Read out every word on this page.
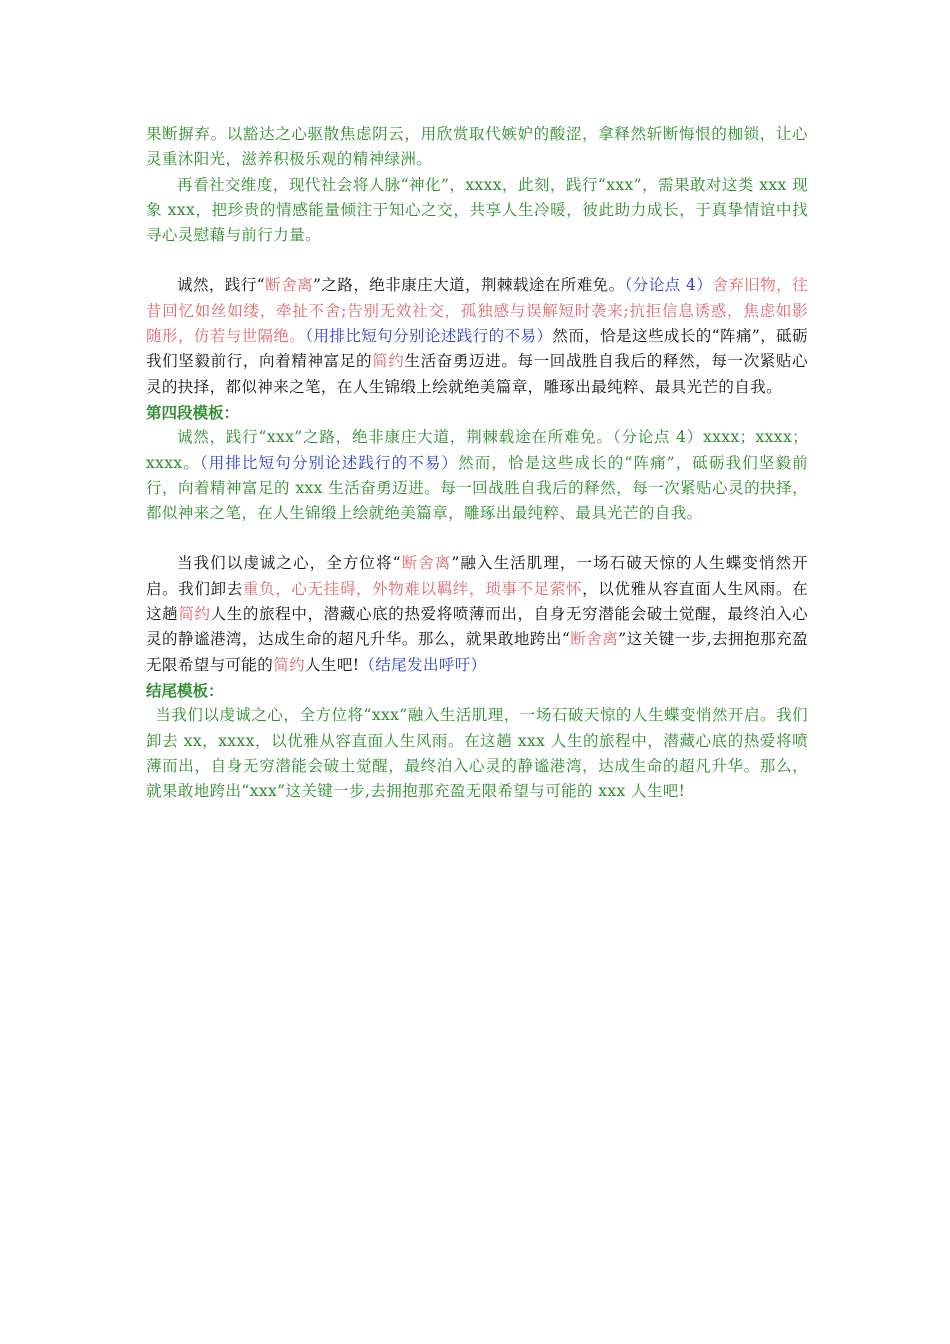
果断摒弃。以豁达之心驱散焦虑阴云，用欣赏取代嫉妒的酸涩，拿释然斩断悔恨的枷锁，让心灵重沐阳光，滋养积极乐观的精神绿洲。

再看社交维度，现代社会将人脉“神化”，xxxx，此刻，践行“xxx”，需果敢对这类 xxx 现象 xxx，把珍贵的情感能量倾注于知心之交，共享人生冷暖，彼此助力成长，于真挚情谊中找寻心灵慰藉与前行力量。

诚然，践行“断舍离”之路，绝非康庄大道，荆棘载途在所难免。（分论点 4）舍弃旧物，往昔回忆如丝如缕，牵扯不舍;告别无效社交，孤独感与误解短时袭来;抗拒信息诱惑，焦虑如影随形，仿若与世隔绝。（用排比短句分别论述践行的不易）然而，恰是这些成长的“阵痛”，砥砺我们坚毅前行，向着精神富足的简约生活奋勇迈进。每一回战胜自我后的释然，每一次紧贴心灵的抉择，都似神来之笔，在人生锦缎上绘就绝美篇章，雕琢出最纯粹、最具光芒的自我。

第四段模板：

诚然，践行“xxx”之路，绝非康庄大道，荆棘载途在所难免。（分论点 4）xxxx；xxxx；xxxx。（用排比短句分别论述践行的不易）然而，恰是这些成长的“阵痛”，砥砺我们坚毅前行，向着精神富足的 xxx 生活奋勇迈进。每一回战胜自我后的释然，每一次紧贴心灵的抉择，都似神来之笔，在人生锦缎上绘就绝美篇章，雕琢出最纯粹、最具光芒的自我。

当我们以虔诚之心，全方位将“断舍离”融入生活肌理，一场石破天惊的人生蝶变悄然开启。我们卸去重负，心无挂碍，外物难以羁绊，琐事不足萦怀，以优雅从容直面人生风雨。在这趟简约人生的旅程中，潜藏心底的热爱将喷薄而出，自身无穷潜能会破土觉醒，最终泊入心灵的静谧港湾，达成生命的超凡升华。那么，就果敢地跨出“断舍离”这关键一步,去拥抱那充盈无限希望与可能的简约人生吧!（结尾发出呼吁）

结尾模板：

当我们以虔诚之心，全方位将“xxx”融入生活肌理，一场石破天惊的人生蝶变悄然开启。我们卸去 xx，xxxx，以优雅从容直面人生风雨。在这趟 xxx 人生的旅程中，潜藏心底的热爱将喷薄而出，自身无穷潜能会破土觉醒，最终泊入心灵的静谧港湾，达成生命的超凡升华。那么，就果敢地跨出“xxx”这关键一步,去拥抱那充盈无限希望与可能的 xxx 人生吧!
